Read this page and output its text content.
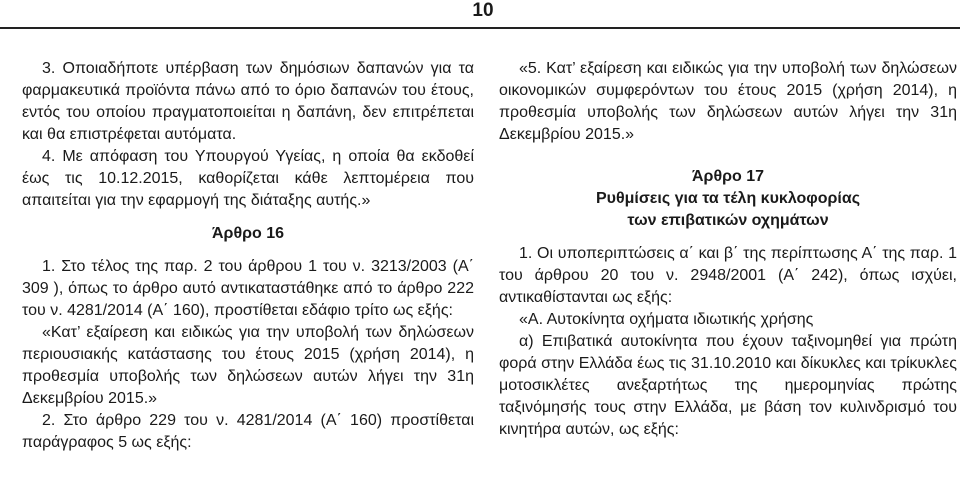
10

3. Οποιαδήποτε υπέρβαση των δημόσιων δαπανών για τα φαρμακευτικά προϊόντα πάνω από το όριο δαπανών του έτους, εντός του οποίου πραγματοποιείται η δαπάνη, δεν επιτρέπεται και θα επιστρέφεται αυτόματα.

4. Με απόφαση του Υπουργού Υγείας, η οποία θα εκδοθεί έως τις 10.12.2015, καθορίζεται κάθε λεπτομέρεια που απαιτείται για την εφαρμογή της διάταξης αυτής.»

Άρθρο 16

1. Στο τέλος της παρ. 2 του άρθρου 1 του ν. 3213/2003 (Α΄ 309 ), όπως το άρθρο αυτό αντικαταστάθηκε από το άρθρο 222 του ν. 4281/2014 (Α΄ 160), προστίθεται εδάφιο τρίτο ως εξής:

«Κατ’ εξαίρεση και ειδικώς για την υποβολή των δηλώσεων περιουσιακής κατάστασης του έτους 2015 (χρήση 2014), η προθεσμία υποβολής των δηλώσεων αυτών λήγει την 31η Δεκεμβρίου 2015.»

2. Στο άρθρο 229 του ν. 4281/2014 (Α΄ 160) προστίθεται παράγραφος 5 ως εξής:

«5. Κατ’ εξαίρεση και ειδικώς για την υποβολή των δηλώσεων οικονομικών συμφερόντων του έτους 2015 (χρήση 2014), η προθεσμία υποβολής των δηλώσεων αυτών λήγει την 31η Δεκεμβρίου 2015.»

Άρθρο 17

Ρυθμίσεις για τα τέλη κυκλοφορίας

των επιβατικών οχημάτων

1. Οι υποπεριπτώσεις α΄ και β΄ της περίπτωσης Α΄ της παρ. 1 του άρθρου 20 του ν. 2948/2001 (Α΄ 242), όπως ισχύει, αντικαθίστανται ως εξής:

«Α. Αυτοκίνητα οχήματα ιδιωτικής χρήσης

α) Επιβατικά αυτοκίνητα που έχουν ταξινομηθεί για πρώτη φορά στην Ελλάδα έως τις 31.10.2010 και δίκυκλες και τρίκυκλες μοτοσικλέτες ανεξαρτήτως της ημερομηνίας πρώτης ταξινόμησής τους στην Ελλάδα, με βάση τον κυλινδρισμό του κινητήρα αυτών, ως εξής:
